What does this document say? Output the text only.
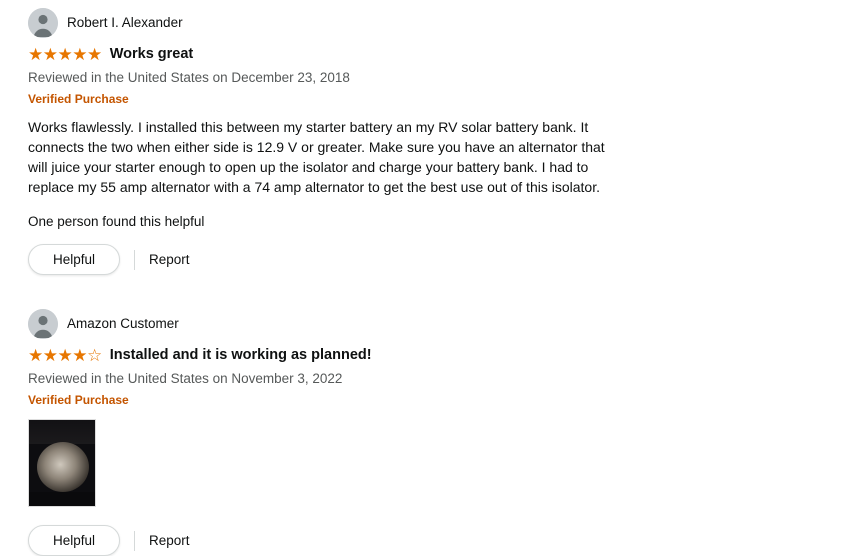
Robert I. Alexander
★★★★★ Works great
Reviewed in the United States on December 23, 2018
Verified Purchase
Works flawlessly. I installed this between my starter battery an my RV solar battery bank. It connects the two when either side is 12.9 V or greater. Make sure you have an alternator that will juice your starter enough to open up the isolator and charge your battery bank. I had to replace my 55 amp alternator with a 74 amp alternator to get the best use out of this isolator.
One person found this helpful
Helpful	Report
Amazon Customer
★★★★☆ Installed and it is working as planned!
Reviewed in the United States on November 3, 2022
Verified Purchase
Helpful	Report
